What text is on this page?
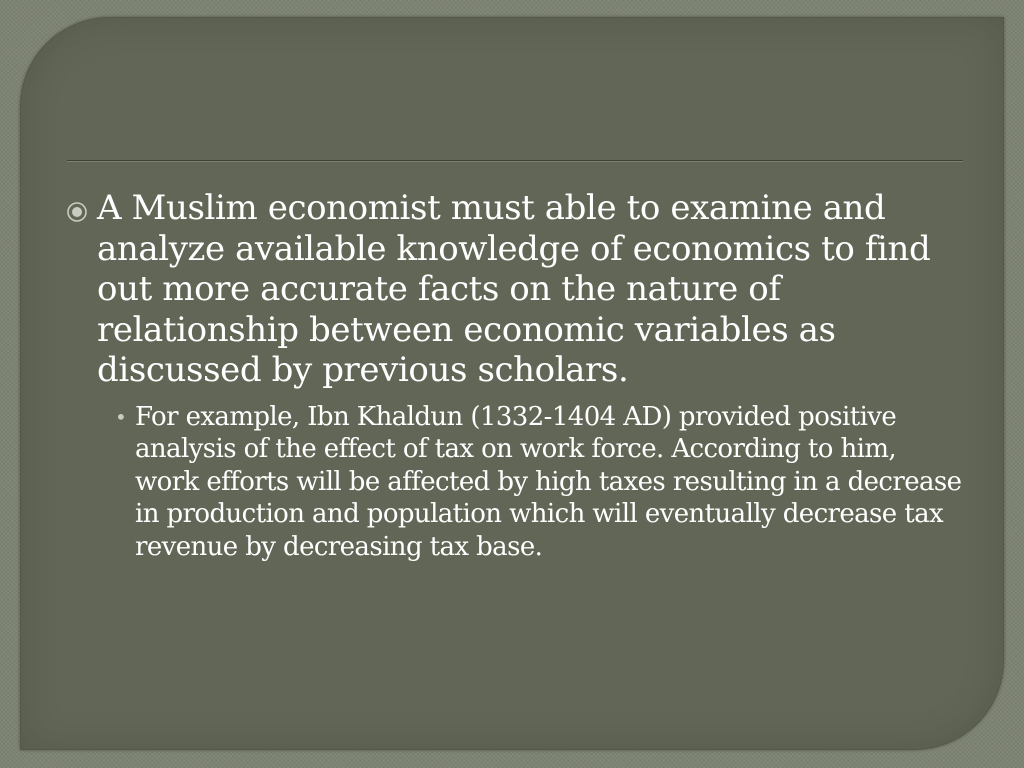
A Muslim economist must able to examine and analyze available knowledge of economics to find out more accurate facts on the nature of relationship between economic variables as discussed by previous scholars.
• For example, Ibn Khaldun (1332-1404 AD) provided positive analysis of the effect of tax on work force. According to him, work efforts will be affected by high taxes resulting in a decrease in production and population which will eventually decrease tax revenue by decreasing tax base.
